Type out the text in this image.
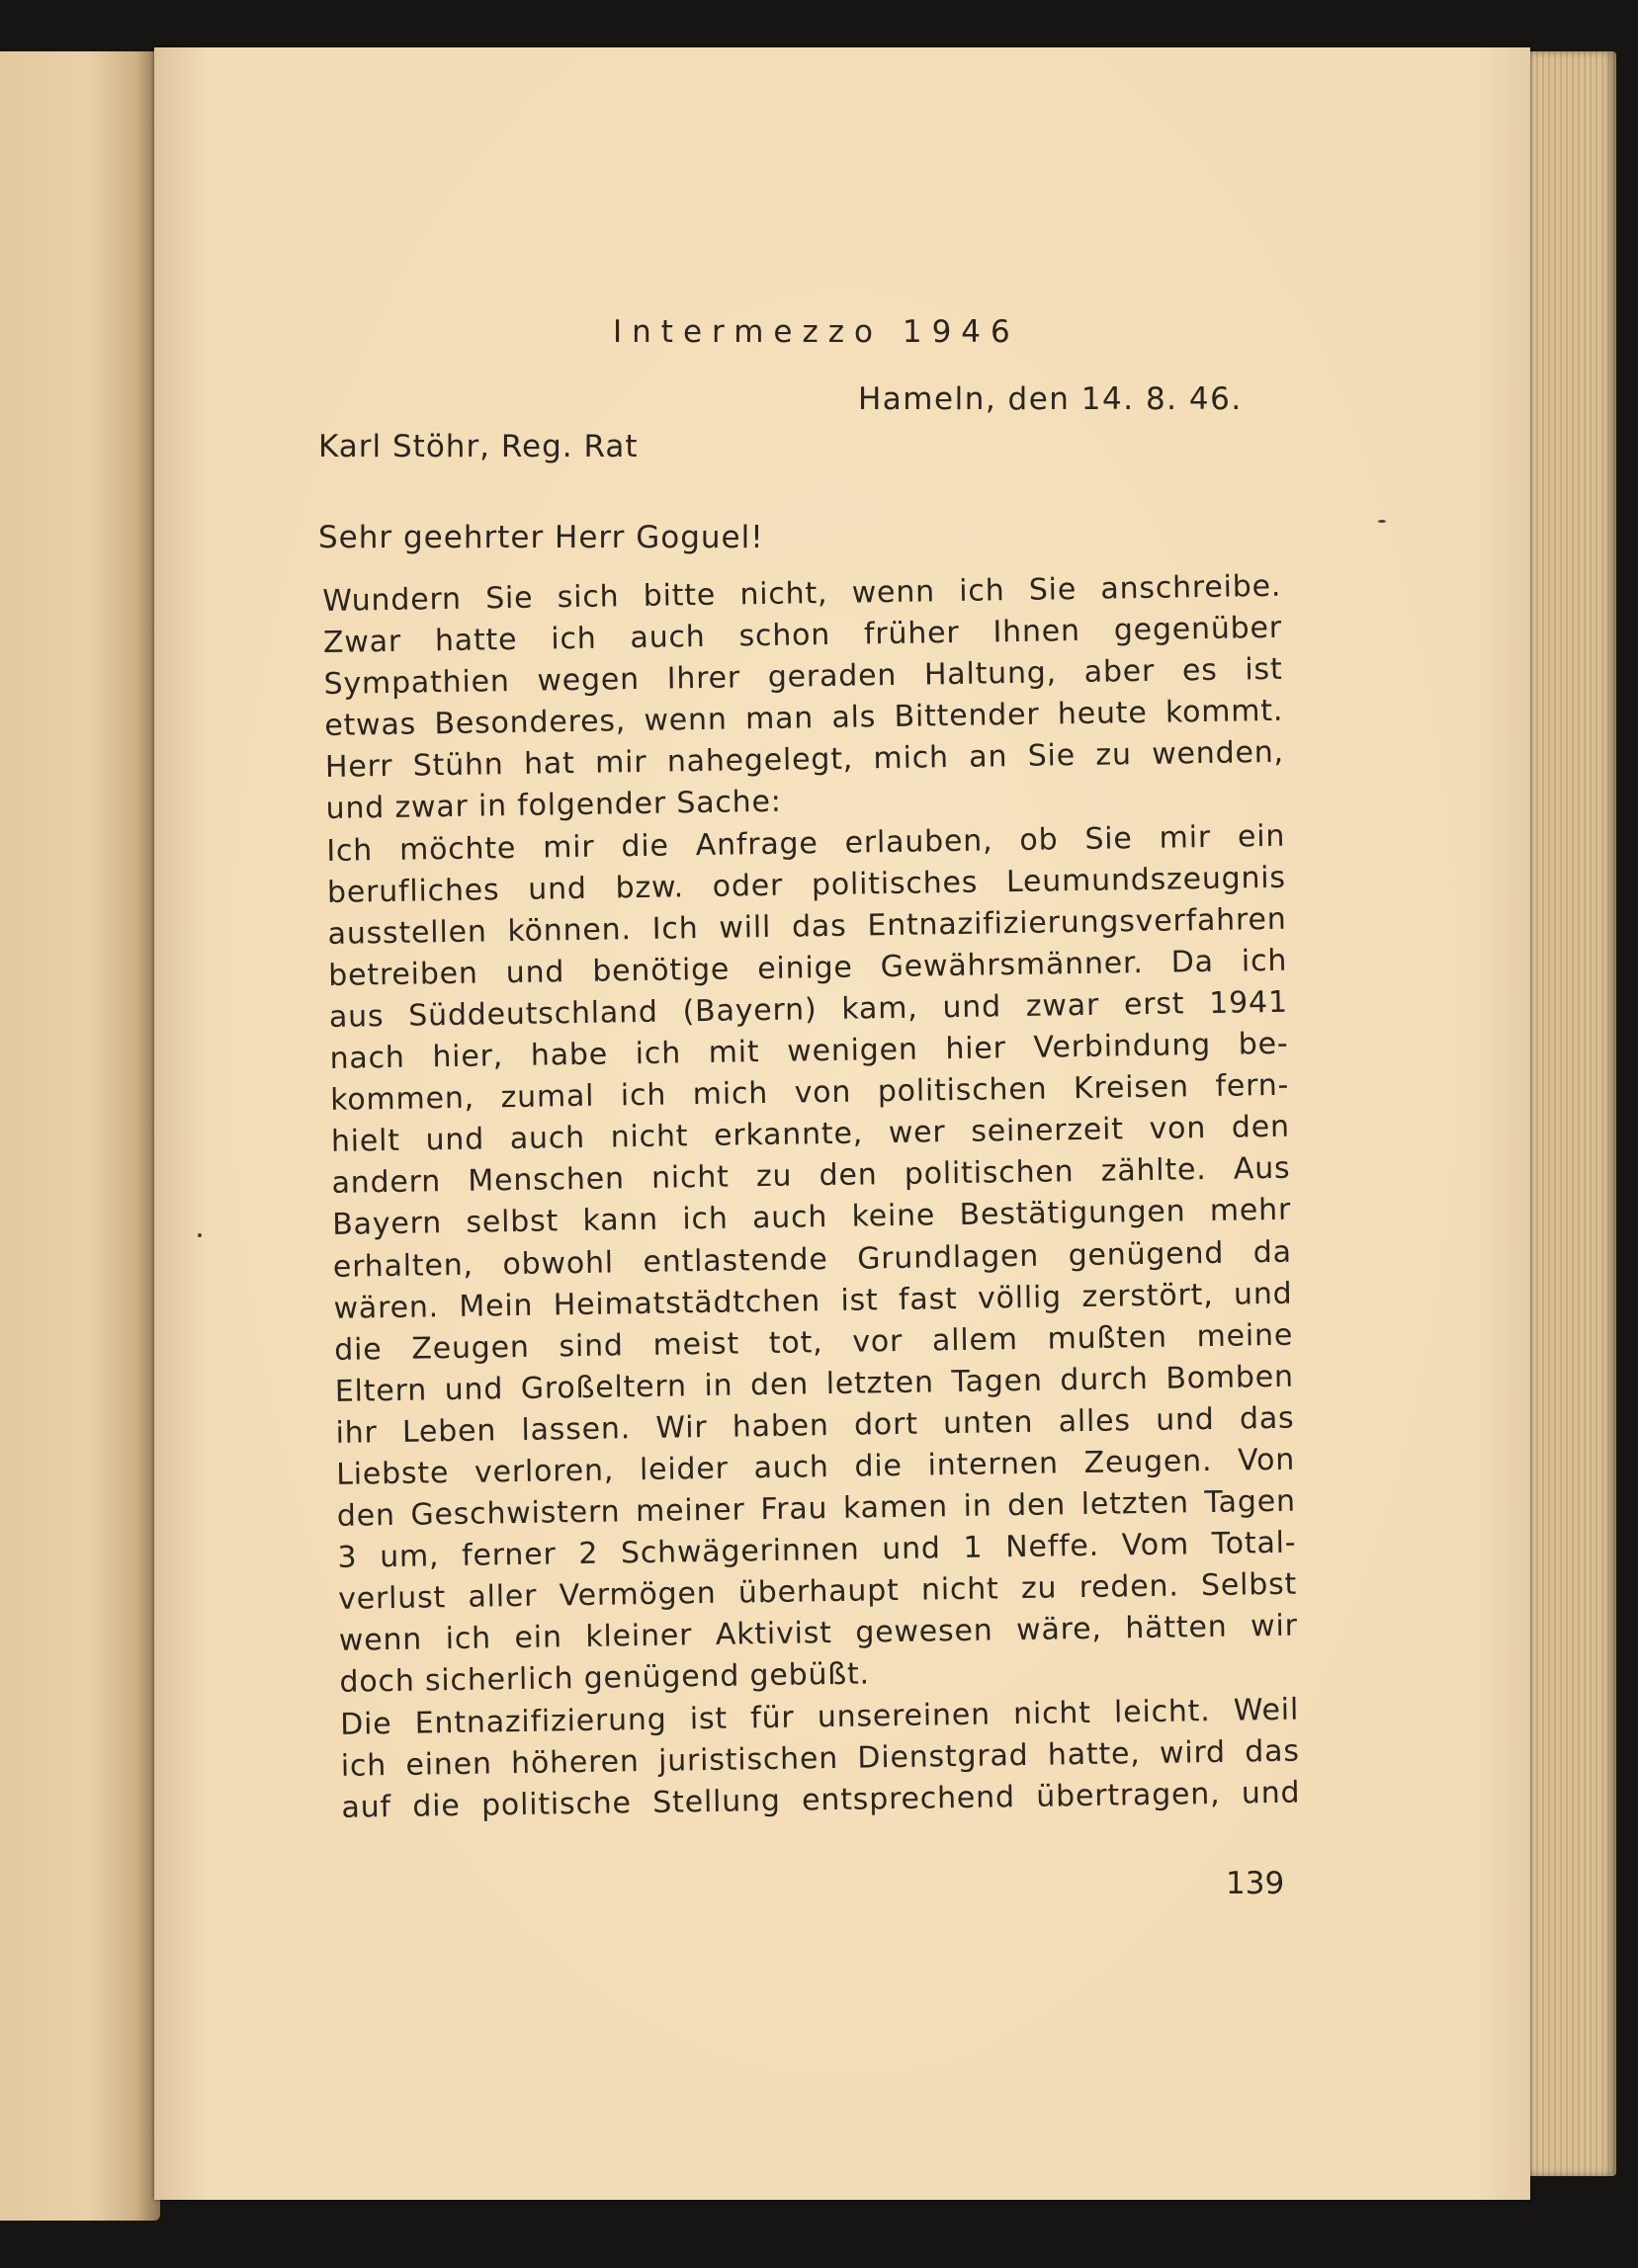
Intermezzo 1946
Hameln, den 14. 8. 46.
Karl Stöhr, Reg. Rat
Sehr geehrter Herr Goguel!
Wundern Sie sich bitte nicht, wenn ich Sie anschreibe.
Zwar hatte ich auch schon früher Ihnen gegenüber
Sympathien wegen Ihrer geraden Haltung, aber es ist
etwas Besonderes, wenn man als Bittender heute kommt.
Herr Stühn hat mir nahegelegt, mich an Sie zu wenden,
und zwar in folgender Sache:
Ich möchte mir die Anfrage erlauben, ob Sie mir ein
berufliches und bzw. oder politisches Leumundszeugnis
ausstellen können. Ich will das Entnazifizierungsverfahren
betreiben und benötige einige Gewährsmänner. Da ich
aus Süddeutschland (Bayern) kam, und zwar erst 1941
nach hier, habe ich mit wenigen hier Verbindung be-
kommen, zumal ich mich von politischen Kreisen fern-
hielt und auch nicht erkannte, wer seinerzeit von den
andern Menschen nicht zu den politischen zählte. Aus
Bayern selbst kann ich auch keine Bestätigungen mehr
erhalten, obwohl entlastende Grundlagen genügend da
wären. Mein Heimatstädtchen ist fast völlig zerstört, und
die Zeugen sind meist tot, vor allem mußten meine
Eltern und Großeltern in den letzten Tagen durch Bomben
ihr Leben lassen. Wir haben dort unten alles und das
Liebste verloren, leider auch die internen Zeugen. Von
den Geschwistern meiner Frau kamen in den letzten Tagen
3 um, ferner 2 Schwägerinnen und 1 Neffe. Vom Total-
verlust aller Vermögen überhaupt nicht zu reden. Selbst
wenn ich ein kleiner Aktivist gewesen wäre, hätten wir
doch sicherlich genügend gebüßt.
Die Entnazifizierung ist für unsereinen nicht leicht. Weil
ich einen höheren juristischen Dienstgrad hatte, wird das
auf die politische Stellung entsprechend übertragen, und
139
